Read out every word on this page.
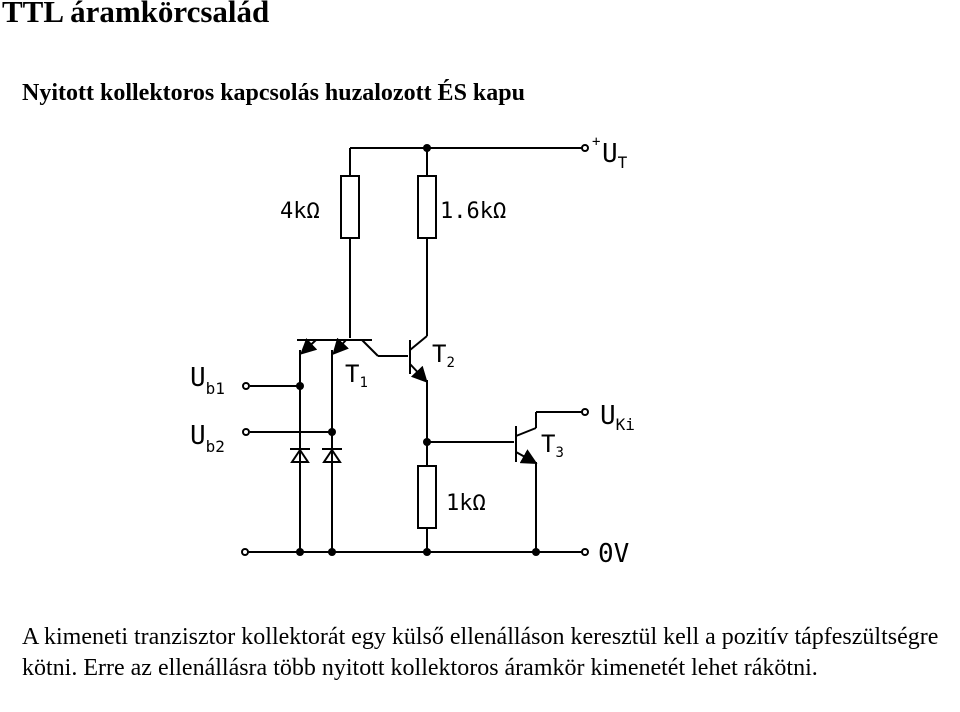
TTL áramkörcsalád
Nyitott kollektoros kapcsolás huzalozott ÉS kapu
+ $U_T$
4kΩ	1.6kΩ
1kΩ
$T_1$
$T_2$
$T_3$
$U_{b1}$
$U_{b2}$
$U_{Ki}$
0V

A kimeneti tranzisztor kollektorát egy külső ellenálláson keresztül kell a pozitív tápfeszültségre kötni. Erre az ellenállásra több nyitott kollektoros áramkör kimenetét lehet rákötni.
